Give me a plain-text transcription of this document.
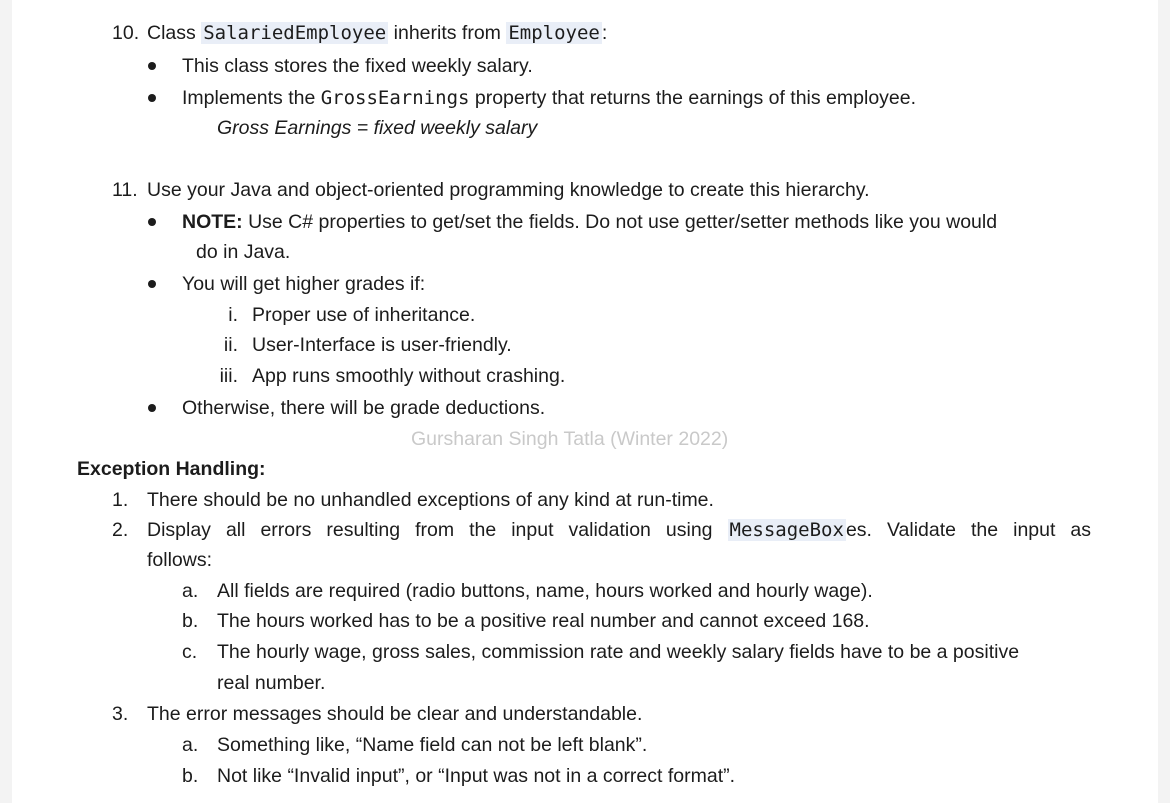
10. Class SalariedEmployee inherits from Employee :
This class stores the fixed weekly salary.
Implements the GrossEarnings property that returns the earnings of this employee.
Gross Earnings = fixed weekly salary
11. Use your Java and object-oriented programming knowledge to create this hierarchy.
NOTE: Use C# properties to get/set the fields. Do not use getter/setter methods like you would
do in Java.
You will get higher grades if:
i. Proper use of inheritance.
ii. User-Interface is user-friendly.
iii. App runs smoothly without crashing.
Otherwise, there will be grade deductions.
Gursharan Singh Tatla (Winter 2022)
Exception Handling:
1. There should be no unhandled exceptions of any kind at run-time.
2. Display all errors resulting from the input validation using MessageBox es. Validate the input as
follows:
a. All fields are required (radio buttons, name, hours worked and hourly wage).
b. The hours worked has to be a positive real number and cannot exceed 168.
c. The hourly wage, gross sales, commission rate and weekly salary fields have to be a positive
real number.
3. The error messages should be clear and understandable.
a. Something like, “Name field can not be left blank”.
b. Not like “Invalid input”, or “Input was not in a correct format”.
